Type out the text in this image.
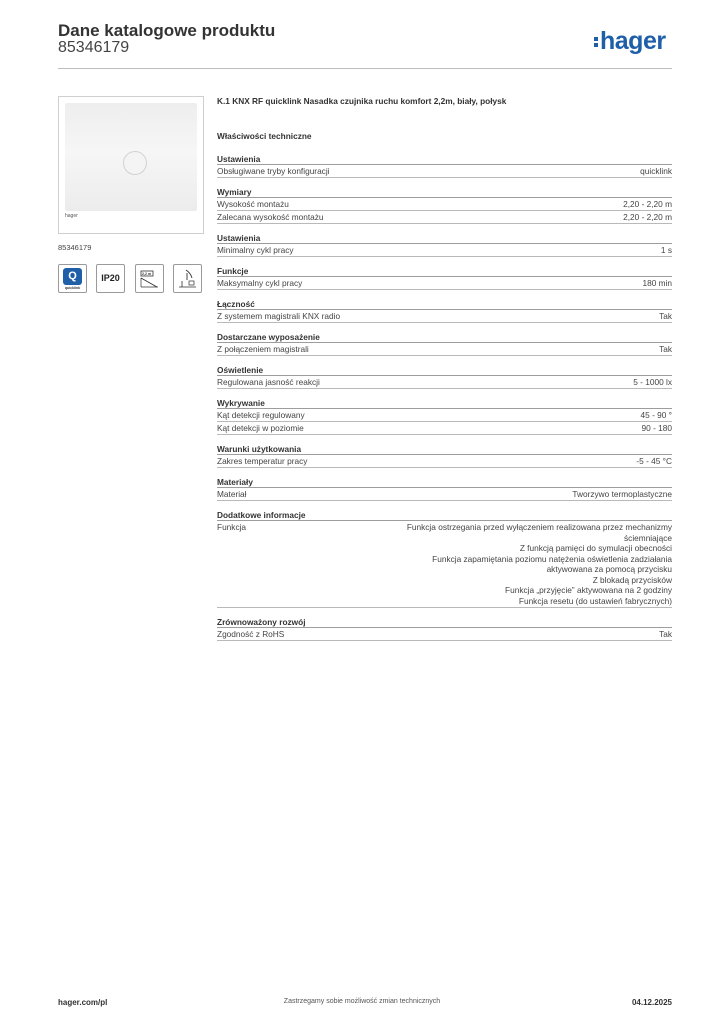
Dane katalogowe produktu
85346179	hager
hager
85346179
Q
quicklink
IP20	2,2 m
K.1 KNX RF quicklink Nasadka czujnika ruchu komfort 2,2m, biały, połysk
Właściwości techniczne
Ustawienia
Obsługiwane tryby konfiguracji	quicklink
Wymiary
Wysokość montażu	2,20 - 2,20 m
Zalecana wysokość montażu	2,20 - 2,20 m
Ustawienia
Minimalny cykl pracy	1 s
Funkcje
Maksymalny cykl pracy	180 min
Łączność
Z systemem magistrali KNX radio	Tak
Dostarczane wyposażenie
Z połączeniem magistrali	Tak
Oświetlenie
Regulowana jasność reakcji	5 - 1000 lx
Wykrywanie
Kąt detekcji regulowany	45 - 90 °
Kąt detekcji w poziomie	90 - 180
Warunki użytkowania
Zakres temperatur pracy	-5 - 45 °C
Materiały
Materiał	Tworzywo termoplastyczne
Dodatkowe informacje
Funkcja	Funkcja ostrzegania przed wyłączeniem realizowana przez mechanizmy
ściemniające
Z funkcją pamięci do symulacji obecności
Funkcja zapamiętania poziomu natężenia oświetlenia zadziałania
aktywowana za pomocą przycisku
Z blokadą przycisków
Funkcja „przyjęcie” aktywowana na 2 godziny
Funkcja resetu (do ustawień fabrycznych)
Zrównoważony rozwój
Zgodność z RoHS	Tak
hager.com/pl	Zastrzegamy sobie możliwość zmian technicznych	04.12.2025
